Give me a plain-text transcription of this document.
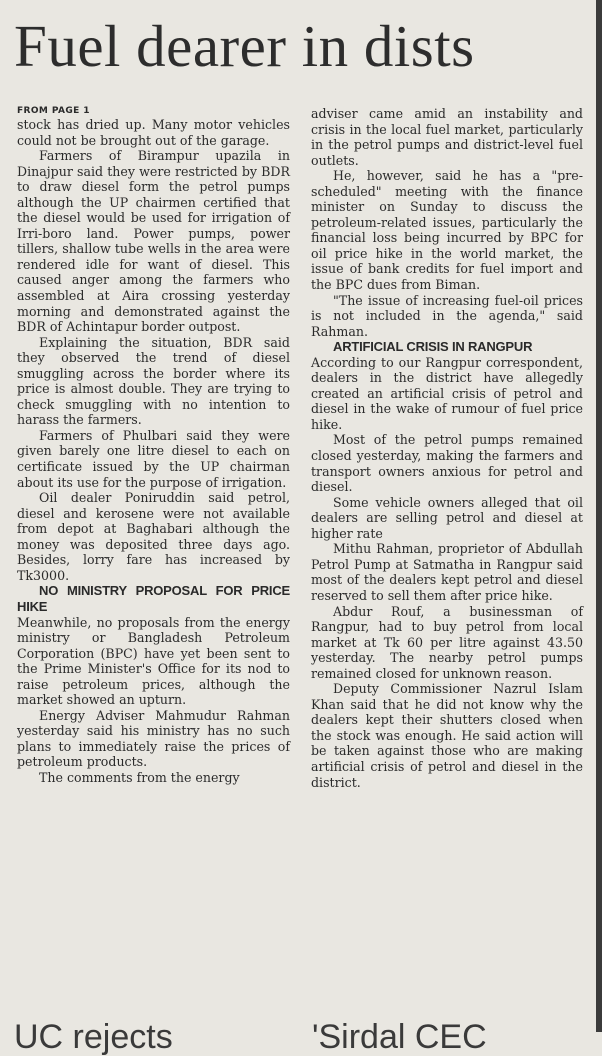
Fuel dearer in dists
FROM PAGE 1

stock has dried up. Many motor vehicles could not be brought out of the garage.

Farmers of Birampur upazila in Dinajpur said they were restricted by BDR to draw diesel form the petrol pumps although the UP chairmen certified that the diesel would be used for irrigation of Irri-boro land. Power pumps, power tillers, shallow tube wells in the area were rendered idle for want of diesel. This caused anger among the farmers who assembled at Aira crossing yesterday morning and demonstrated against the BDR of Achintapur border outpost.

Explaining the situation, BDR said they observed the trend of diesel smuggling across the border where its price is almost double. They are trying to check smuggling with no intention to harass the farmers.

Farmers of Phulbari said they were given barely one litre diesel to each on certificate issued by the UP chairman about its use for the purpose of irrigation.

Oil dealer Poniruddin said petrol, diesel and kerosene were not available from depot at Baghabari although the money was deposited three days ago. Besides, lorry fare has increased by Tk3000.

NO MINISTRY PROPOSAL FOR PRICE HIKE

Meanwhile, no proposals from the energy ministry or Bangladesh Petroleum Corporation (BPC) have yet been sent to the Prime Minister's Office for its nod to raise petroleum prices, although the market showed an upturn.

Energy Adviser Mahmudur Rahman yesterday said his ministry has no such plans to immediately raise the prices of petroleum products.

The comments from the energy

adviser came amid an instability and crisis in the local fuel market, particularly in the petrol pumps and district-level fuel outlets.

He, however, said he has a "pre-scheduled" meeting with the finance minister on Sunday to discuss the petroleum-related issues, particularly the financial loss being incurred by BPC for oil price hike in the world market, the issue of bank credits for fuel import and the BPC dues from Biman.

"The issue of increasing fuel-oil prices is not included in the agenda," said Rahman.

ARTIFICIAL CRISIS IN RANGPUR

According to our Rangpur correspondent, dealers in the district have allegedly created an artificial crisis of petrol and diesel in the wake of rumour of fuel price hike.

Most of the petrol pumps remained closed yesterday, making the farmers and transport owners anxious for petrol and diesel.

Some vehicle owners alleged that oil dealers are selling petrol and diesel at higher rate

Mithu Rahman, proprietor of Abdullah Petrol Pump at Satmatha in Rangpur said most of the dealers kept petrol and diesel reserved to sell them after price hike.

Abdur Rouf, a businessman of Rangpur, had to buy petrol from local market at Tk 60 per litre against 43.50 yesterday. The nearby petrol pumps remained closed for unknown reason.

Deputy Commissioner Nazrul Islam Khan said that he did not know why the dealers kept their shutters closed when the stock was enough. He said action will be taken against those who are making artificial crisis of petrol and diesel in the district.

UC rejects	'Sirdal CEC
